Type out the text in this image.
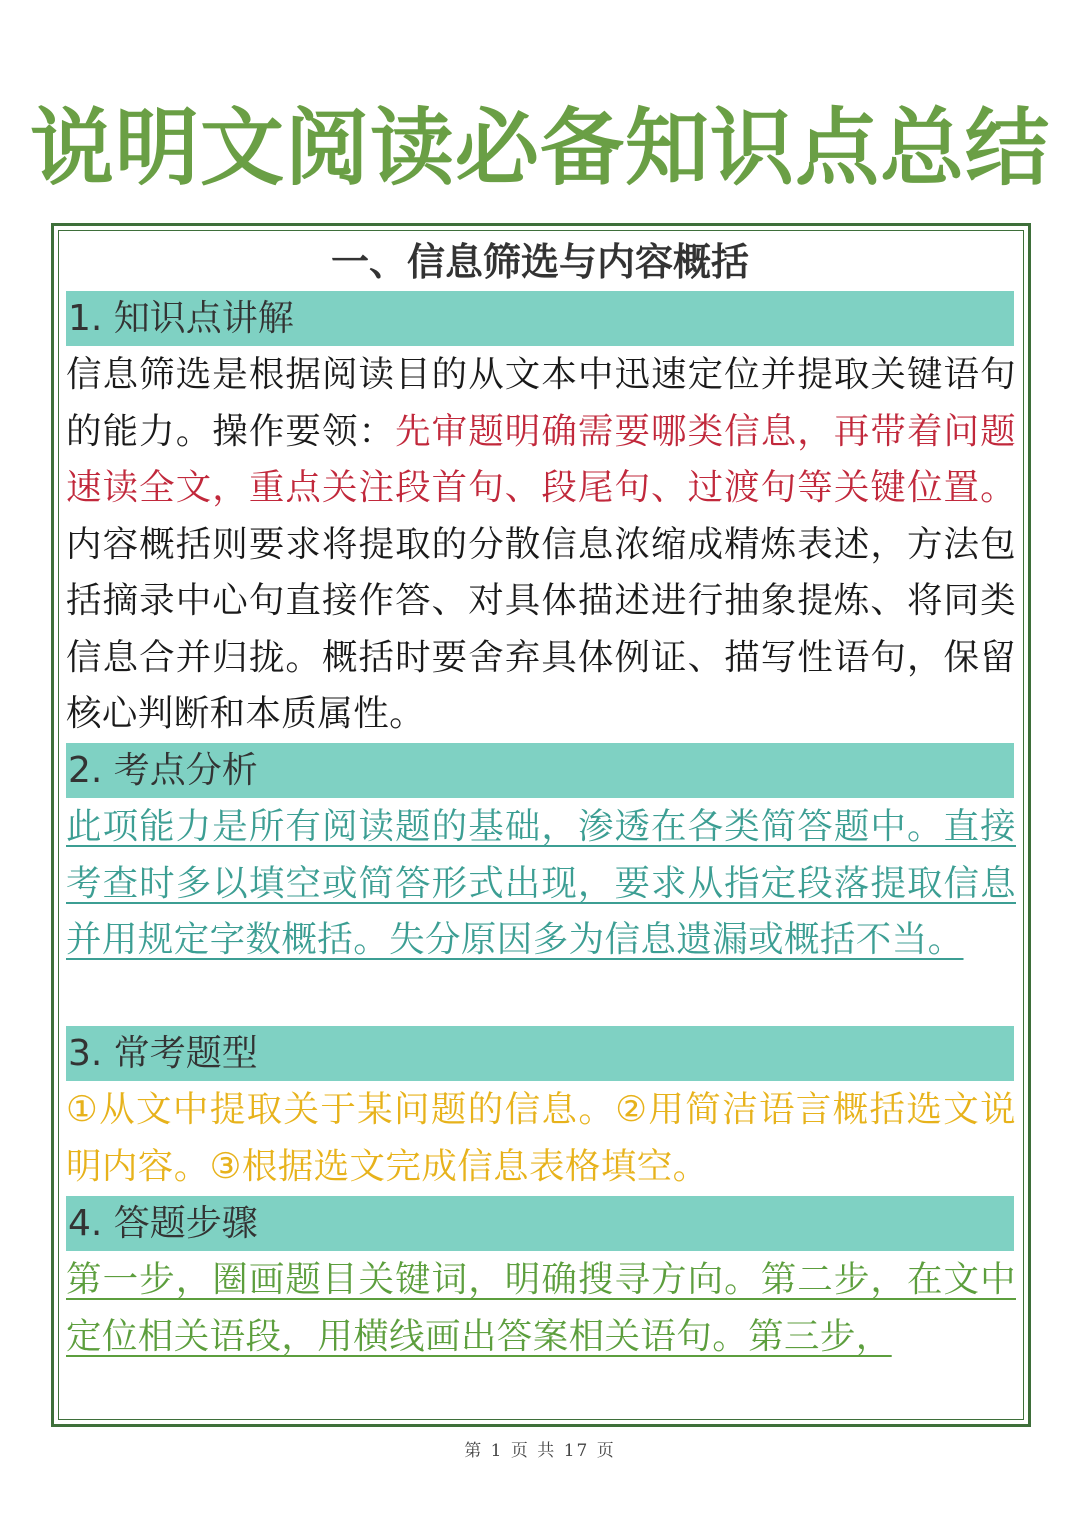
说明文阅读必备知识点总结
一、信息筛选与内容概括
1. 知识点讲解

信息筛选是根据阅读目的从文本中迅速定位并提取关键语句的能力。操作要领：先审题明确需要哪类信息，再带着问题速读全文，重点关注段首句、段尾句、过渡句等关键位置。内容概括则要求将提取的分散信息浓缩成精炼表述，方法包括摘录中心句直接作答、对具体描述进行抽象提炼、将同类信息合并归拢。概括时要舍弃具体例证、描写性语句，保留核心判断和本质属性。

2. 考点分析

此项能力是所有阅读题的基础，渗透在各类简答题中。直接考查时多以填空或简答形式出现，要求从指定段落提取信息并用规定字数概括。失分原因多为信息遗漏或概括不当。

3. 常考题型

①从文中提取关于某问题的信息。②用简洁语言概括选文说明内容。③根据选文完成信息表格填空。

4. 答题步骤

第一步，圈画题目关键词，明确搜寻方向。第二步，在文中定位相关语段，用横线画出答案相关语句。第三步，

第 1 页 共 17 页
